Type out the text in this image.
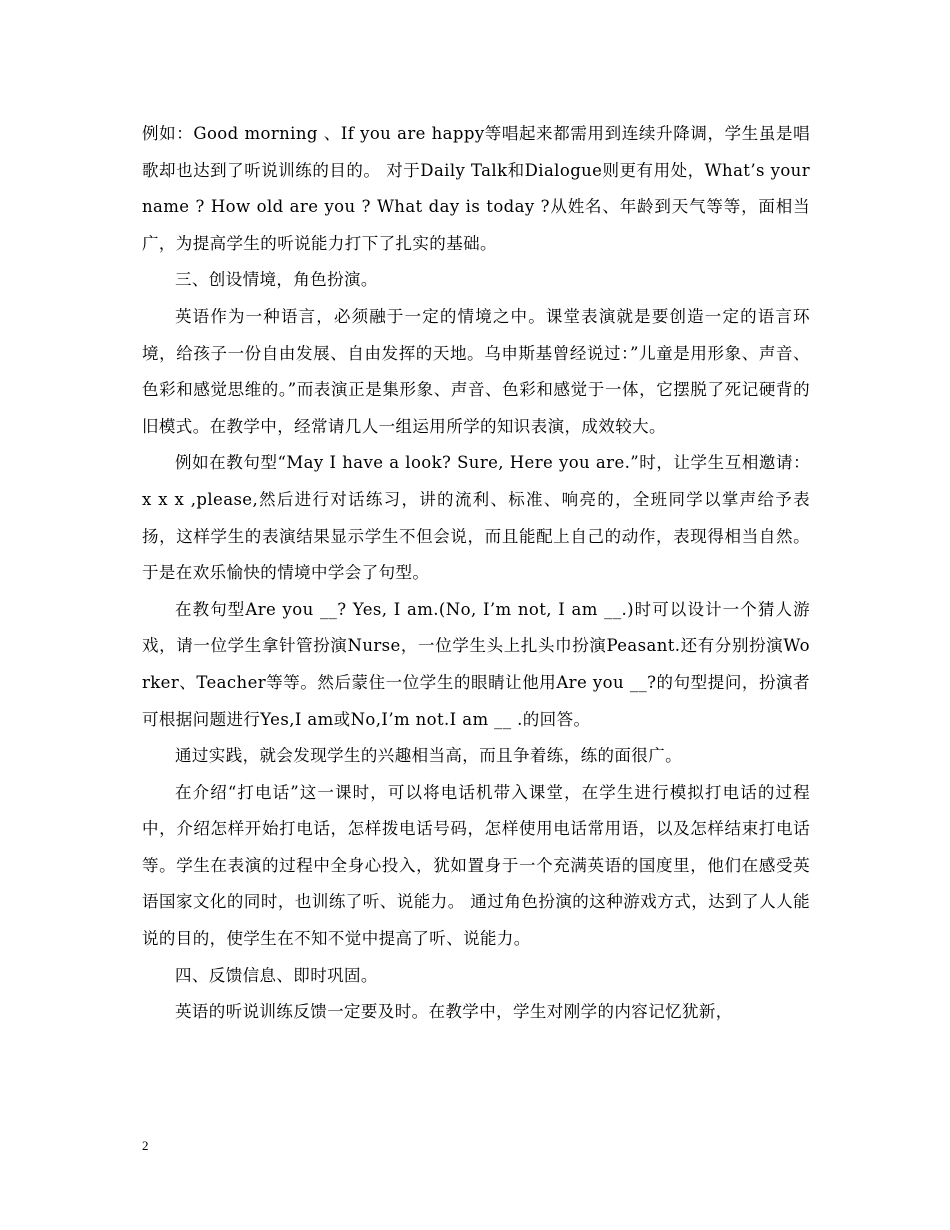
例如：Good morning 、If you are happy等唱起来都需用到连续升降调，学生虽是唱歌却也达到了听说训练的目的。 对于Daily Talk和Dialogue则更有用处，What’s your name ? How old are you ? What day is today ?从姓名、年龄到天气等等，面相当广，为提高学生的听说能力打下了扎实的基础。

三、创设情境，角色扮演。

英语作为一种语言，必须融于一定的情境之中。课堂表演就是要创造一定的语言环境，给孩子一份自由发展、自由发挥的天地。乌申斯基曾经说过：”儿童是用形象、声音、色彩和感觉思维的。”而表演正是集形象、声音、色彩和感觉于一体，它摆脱了死记硬背的旧模式。在教学中，经常请几人一组运用所学的知识表演，成效较大。

例如在教句型“May I have a look? Sure, Here you are.”时，让学生互相邀请：x x x ,please,然后进行对话练习，讲的流利、标准、响亮的，全班同学以掌声给予表扬，这样学生的表演结果显示学生不但会说，而且能配上自己的动作，表现得相当自然。于是在欢乐愉快的情境中学会了句型。

在教句型Are you __? Yes, I am.(No, I’m not, I am __.)时可以设计一个猜人游戏，请一位学生拿针管扮演Nurse，一位学生头上扎头巾扮演Peasant.还有分别扮演Worker、Teacher等等。然后蒙住一位学生的眼睛让他用Are you __?的句型提问，扮演者可根据问题进行Yes,I am或No,I’m not.I am __ .的回答。

通过实践，就会发现学生的兴趣相当高，而且争着练，练的面很广。

在介绍“打电话”这一课时，可以将电话机带入课堂，在学生进行模拟打电话的过程中，介绍怎样开始打电话，怎样拨电话号码，怎样使用电话常用语，以及怎样结束打电话等。学生在表演的过程中全身心投入，犹如置身于一个充满英语的国度里，他们在感受英语国家文化的同时，也训练了听、说能力。 通过角色扮演的这种游戏方式，达到了人人能说的目的，使学生在不知不觉中提高了听、说能力。

四、反馈信息、即时巩固。

英语的听说训练反馈一定要及时。在教学中，学生对刚学的内容记忆犹新，

2
